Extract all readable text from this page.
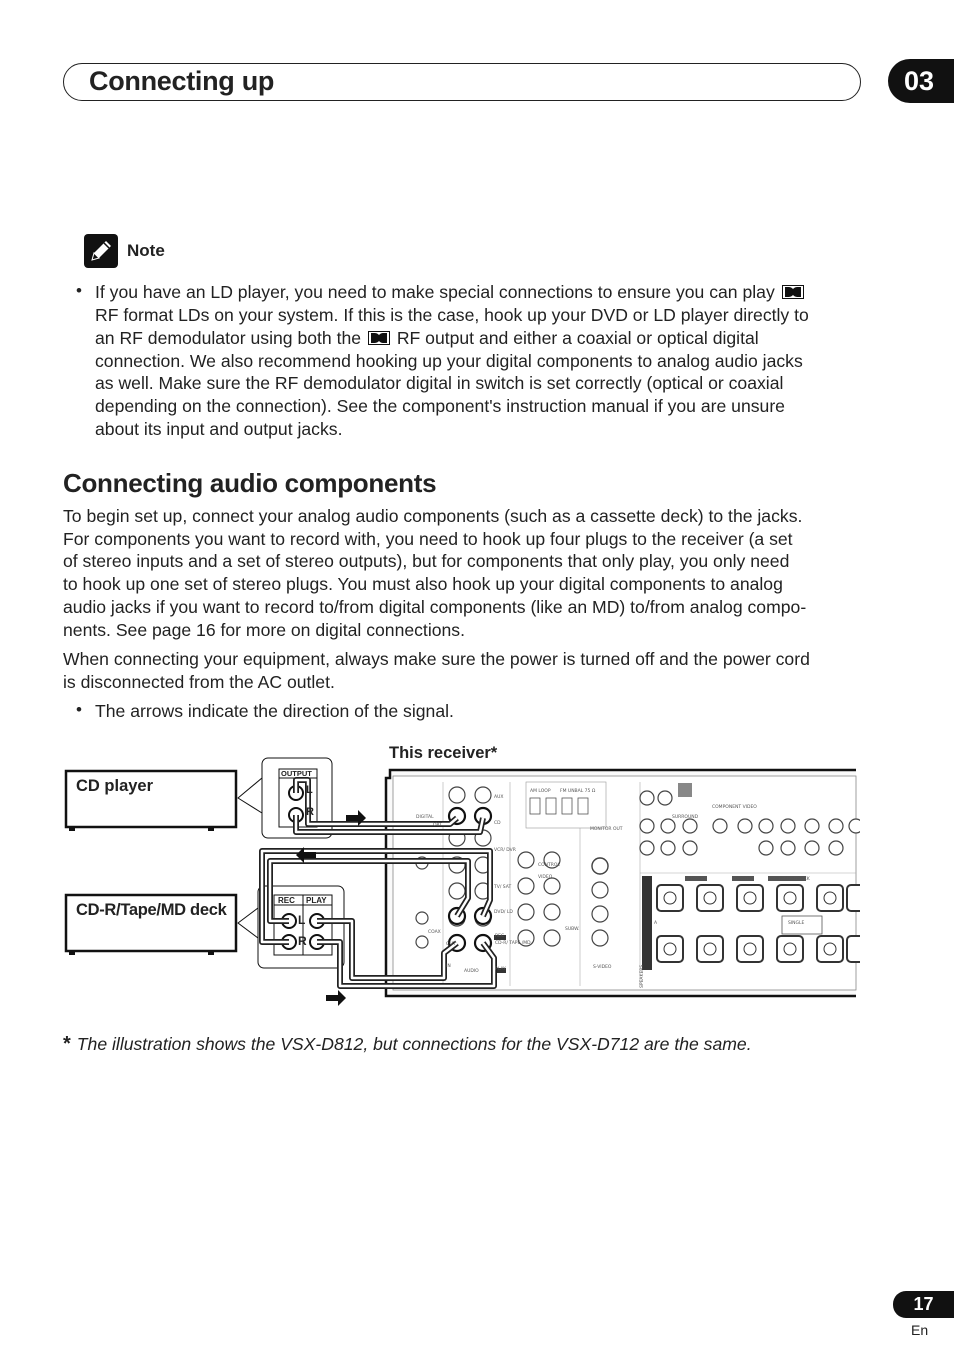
Connecting up	03
Note
• If you have an LD player, you need to make special connections to ensure you can play
RF format LDs on your system. If this is the case, hook up your DVD or LD player directly to
an RF demodulator using both the RF output and either a coaxial or optical digital
connection. We also recommend hooking up your digital components to analog audio jacks
as well. Make sure the RF demodulator digital in switch is set correctly (optical or coaxial
depending on the connection). See the component's instruction manual if you are unsure
about its input and output jacks.
Connecting audio components
To begin set up, connect your analog audio components (such as a cassette deck) to the jacks.
For components you want to record with, you need to hook up four plugs to the receiver (a set
of stereo inputs and a set of stereo outputs), but for components that only play, you only need
to hook up one set of stereo plugs. You must also hook up your digital components to analog
audio jacks if you want to record to/from digital components (like an MD) to/from analog compo-
nents. See page 16 for more on digital connections.
When connecting your equipment, always make sure the power is turned off and the power cord
is disconnected from the AC outlet.
• The arrows indicate the direction of the signal.
AUX
CD
VCR/ DVR
TV/ SAT
DVD/ LD
CD-R/ TAPE /MD
REC
PLAY
AUDIO
OUT
IN
DIGITAL
OPT
COAX
AM LOOP FM UNBAL 75 Ω
VIDEO
CONTROL
MONITOR OUT
S-VIDEO
SUBW.
COMPONENT VIDEO
SURROUND
FRONT	CENTER	SURROUND BACK
SINGLE
A
SPEAKERS
CD player
CD-R/Tape/MD deck
This receiver*
OUTPUT
L
R
REC PLAY
L
R
* The illustration shows the VSX-D812, but connections for the VSX-D712 are the same.
17
En
